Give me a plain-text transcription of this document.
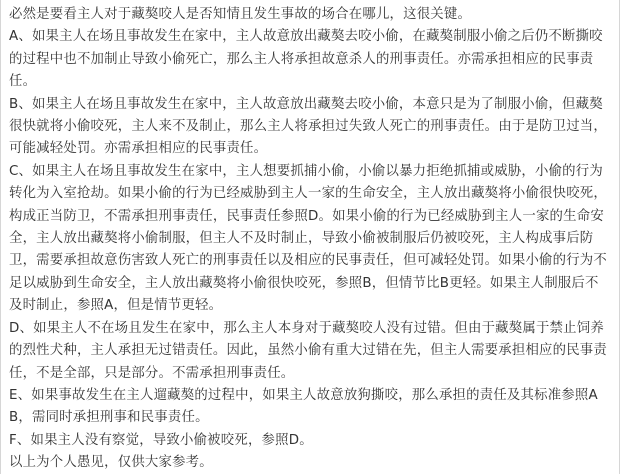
必然是要看主人对于藏獒咬人是否知情且发生事故的场合在哪儿，这很关键。

A、如果主人在场且事故发生在家中，主人故意放出藏獒去咬小偷，在藏獒制服小偷之后仍不断撕咬的过程中也不加制止导致小偷死亡，那么主人将承担故意杀人的刑事责任。亦需承担相应的民事责任。

B、如果主人在场且事故发生在家中，主人故意放出藏獒去咬小偷，本意只是为了制服小偷，但藏獒很快就将小偷咬死，主人来不及制止，那么主人将承担过失致人死亡的刑事责任。由于是防卫过当，可能减轻处罚。亦需承担相应的民事责任。

C、如果主人在场且事故发生在家中，主人想要抓捕小偷，小偷以暴力拒绝抓捕或威胁，小偷的行为转化为入室抢劫。如果小偷的行为已经威胁到主人一家的生命安全，主人放出藏獒将小偷很快咬死，构成正当防卫，不需承担刑事责任，民事责任参照D。如果小偷的行为已经威胁到主人一家的生命安全，主人放出藏獒将小偷制服，但主人不及时制止，导致小偷被制服后仍被咬死，主人构成事后防卫，需要承担故意伤害致人死亡的刑事责任以及相应的民事责任，但可减轻处罚。如果小偷的行为不足以威胁到生命安全，主人放出藏獒将小偷很快咬死，参照B，但情节比B更轻。如果主人制服后不及时制止，参照A，但是情节更轻。

D、如果主人不在场且发生在家中，那么主人本身对于藏獒咬人没有过错。但由于藏獒属于禁止饲养的烈性犬种，主人承担无过错责任。因此，虽然小偷有重大过错在先，但主人需要承担相应的民事责任，不是全部，只是部分。不需承担刑事责任。

E、如果事故发生在主人遛藏獒的过程中，如果主人故意放狗撕咬，那么承担的责任及其标准参照AB，需同时承担刑事和民事责任。

F、如果主人没有察觉，导致小偷被咬死，参照D。

以上为个人愚见，仅供大家参考。
